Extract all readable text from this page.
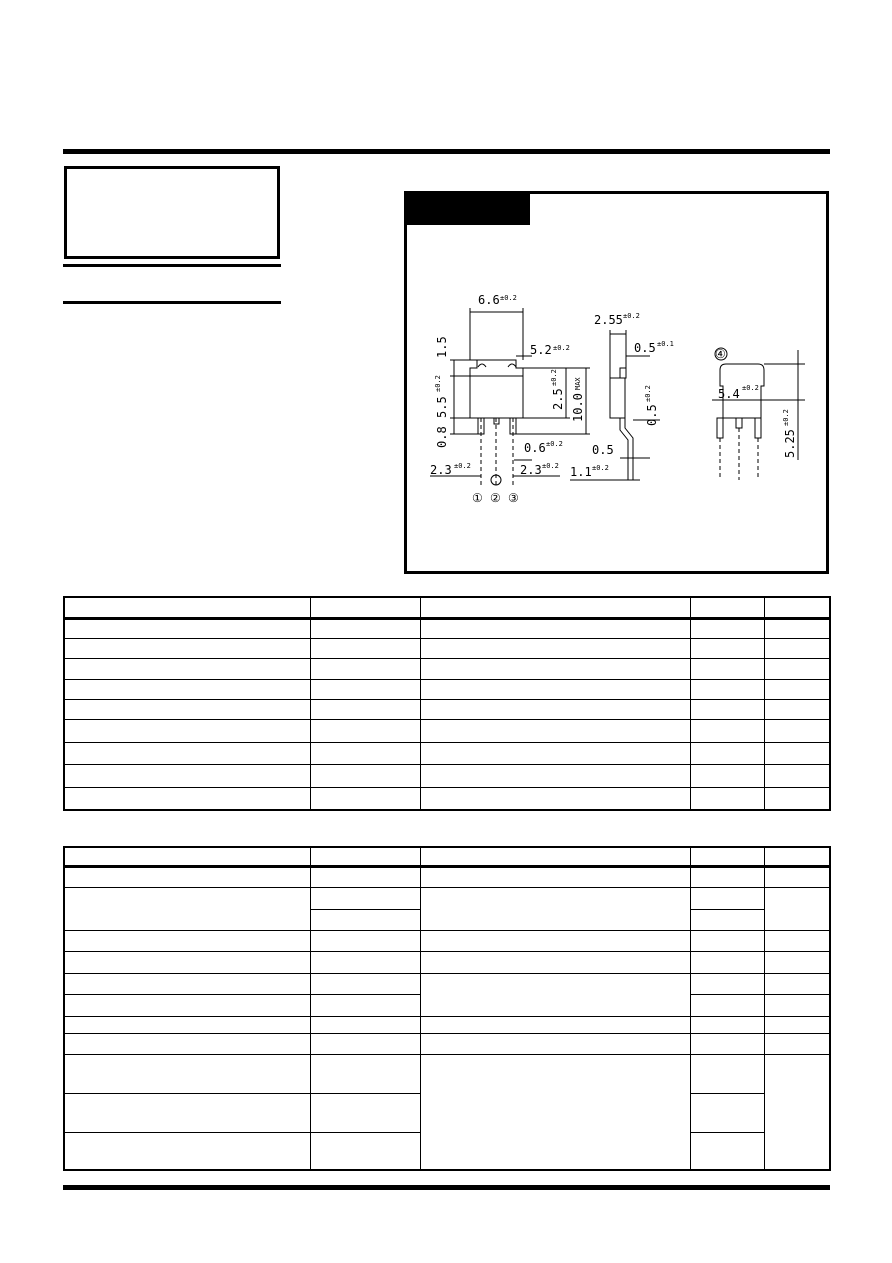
6.6 ±0.2
5.2 ±0.2
1.5
5.5
±0.2
0.8
2.5
±0.2
10.0
MAX
0.6 ±0.2
2.3 ±0.2	2.3 ±0.2
① ② ③
2.55 ±0.2
0.5 ±0.1
0.5
±0.2
0.5
1.1 ±0.2
④
5.4 ±0.2
5.25
±0.2
